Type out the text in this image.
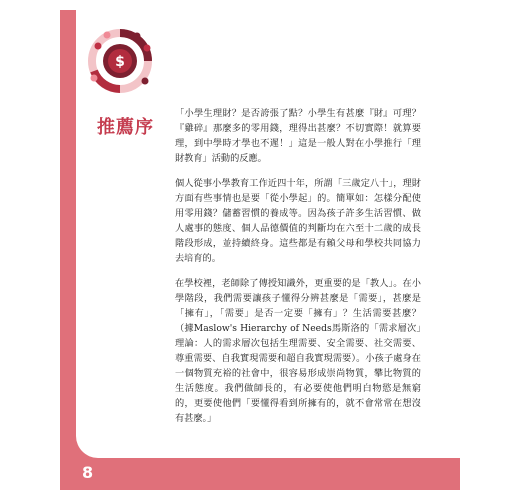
$
推薦序

「小學生理財？是否誇張了點？小學生有甚麼『財』可理？『雞碎』那麼多的零用錢，理得出甚麼？不切實際！就算要理，到中學時才學也不遲！」這是一般人對在小學推行「理財教育」活動的反應。

個人從事小學教育工作近四十年，所謂「三歲定八十」，理財方面有些事情也是要「從小學起」的。簡單如：怎樣分配使用零用錢？儲蓄習慣的養成等。因為孩子許多生活習慣、做人處事的態度、個人品德價值的判斷均在六至十二歲的成長階段形成，並持續終身。這些都是有賴父母和學校共同協力去培育的。

在學校裡，老師除了傳授知識外，更重要的是「教人」。在小學階段，我們需要讓孩子懂得分辨甚麼是「需要」，甚麼是「擁有」，「需要」是否一定要「擁有」？生活需要甚麼？（據Maslow's Hierarchy of Needs馬斯洛的「需求層次」理論：人的需求層次包括生理需要、安全需要、社交需要、尊重需要、自我實現需要和超自我實現需要）。小孩子處身在一個物質充裕的社會中，很容易形成崇尚物質，攀比物質的生活態度。我們做師長的，有必要使他們明白物慾是無窮的，更要使他們「要懂得看到所擁有的，就不會常常在想沒有甚麼。」

8
